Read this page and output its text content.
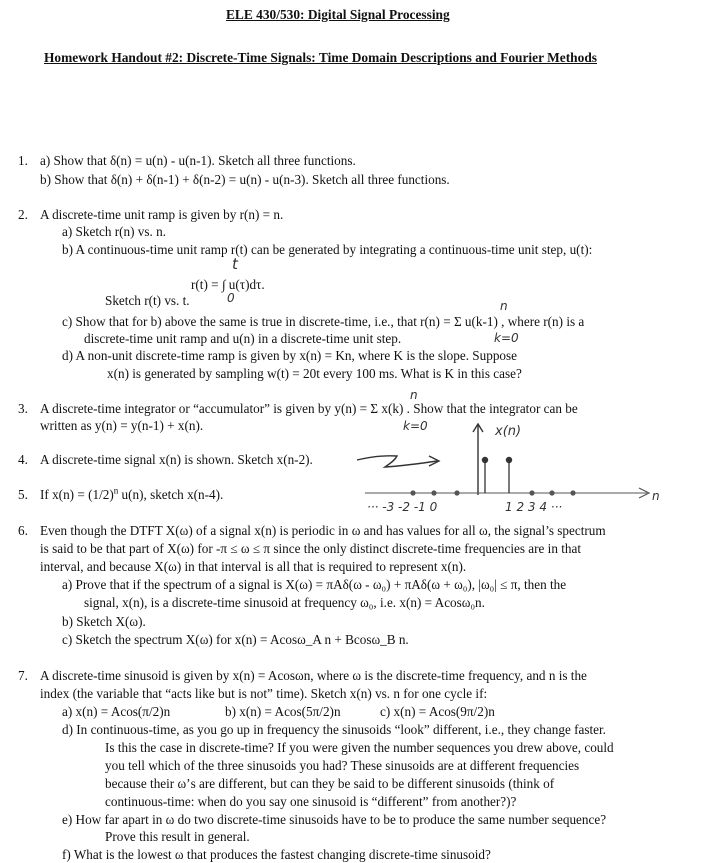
ELE 430/530: Digital Signal Processing
Homework Handout #2: Discrete-Time Signals: Time Domain Descriptions and Fourier Methods
1. a) Show that δ(n) = u(n) - u(n-1). Sketch all three functions.
b) Show that δ(n) + δ(n-1) + δ(n-2) = u(n) - u(n-3). Sketch all three functions.
2. A discrete-time unit ramp is given by r(n) = n.
a) Sketch r(n) vs. n.
b) A continuous-time unit ramp r(t) can be generated by integrating a continuous-time unit step, u(t):
t
r(t) = ∫ u(τ)dτ.
0
Sketch r(t) vs. t.	n
c) Show that for b) above the same is true in discrete-time, i.e., that r(n) = Σ u(k-1) , where r(n) is a
discrete-time unit ramp and u(n) in a discrete-time unit step.	k=0
d) A non-unit discrete-time ramp is given by x(n) = Kn, where K is the slope. Suppose
x(n) is generated by sampling w(t) = 20t every 100 ms. What is K in this case?
n
3. A discrete-time integrator or “accumulator” is given by y(n) = Σ x(k) . Show that the integrator can be
written as y(n) = y(n-1) + x(n).	k=0
4. A discrete-time signal x(n) is shown. Sketch x(n-2).
5. If $x(n) = (1/2)^n$ u(n), sketch x(n-4).
x(n)
n
··· -3 -2 -1 0	1 2 3 4 ···
6. Even though the DTFT X(ω) of a signal x(n) is periodic in ω and has values for all ω, the signal’s spectrum
is said to be that part of X(ω) for -π ≤ ω ≤ π since the only distinct discrete-time frequencies are in that
interval, and because X(ω) in that interval is all that is required to represent x(n).
a) Prove that if the spectrum of a signal is X(ω) = πAδ(ω - ω₀) + πAδ(ω + ω₀), |ω₀| ≤ π, then the
signal, x(n), is a discrete-time sinusoid at frequency ω₀, i.e. x(n) = Acosω₀n.
b) Sketch X(ω).
c) Sketch the spectrum X(ω) for x(n) = Acosω_A n + Bcosω_B n.
7. A discrete-time sinusoid is given by x(n) = Acosωn, where ω is the discrete-time frequency, and n is the
index (the variable that “acts like but is not” time). Sketch x(n) vs. n for one cycle if:
a) x(n) = Acos(π/2)n	b) x(n) = Acos(5π/2)n	c) x(n) = Acos(9π/2)n
d) In continuous-time, as you go up in frequency the sinusoids “look” different, i.e., they change faster.
Is this the case in discrete-time? If you were given the number sequences you drew above, could
you tell which of the three sinusoids you had? These sinusoids are at different frequencies
because their ω’s are different, but can they be said to be different sinusoids (think of
continuous-time: when do you say one sinusoid is “different” from another?)?
e) How far apart in ω do two discrete-time sinusoids have to be to produce the same number sequence?
Prove this result in general.
f) What is the lowest ω that produces the fastest changing discrete-time sinusoid?
